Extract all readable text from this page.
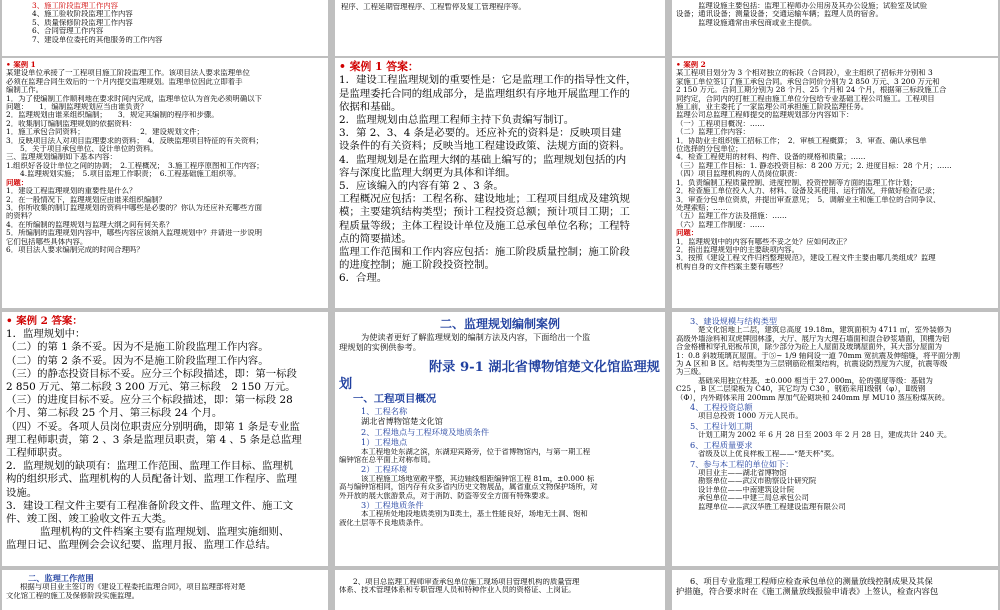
3、施工阶段监理工作内容
4、施工验收阶段监理工作内容
5、质量保修阶段监理工作内容
6、合同管理工作内容
7、建设单位委托的其他服务的工作内容
程序、工程延期管理程序、工程暂停及复工管理程序等。	监理设施主要包括：监理工程师办公用房及其办公设施；试验室及试验
设备；通讯设备；测量设备；交通运输车辆；监理人员的宿舍。
监理设施通常由承包商或业主提供。
• 案例 1
某建设单位承接了一工程项目施工阶段监理工作。该项目法人要求监理单位
必须在监理合同生效后的一个月内提交监理规划。监理单位因此立即着手
编制工作。
1．为了使编制工作顺利地在要求时间内完成，监理单位认为首先必须明确以下
问题：　　 1．编制监理规划应当由谁负责？
2．监理规划由谁来组织编制；　　 3．规定其编制的程序和步骤。
2．收集制订编制监理规划的依据资料：
1．施工承包合同资料；　　　　　　　　	2．建设规划文件；
3．反映项目法人对项目监理要求的资料；　 4．反映监理项目特征的有关资料；
5．关于项目承包单位、设计单位的资料。
三、监理规划编制如下基本内容：
1.组织好各设计单位之间的协调；　 2.工程概况；　 3.施工程序原图和工作内容；
4.监理规划实施；　 5.项目监理工作职责；　 6.工程基础施工组织等。
问题：
1．建设工程监理规划的重要性是什么？
2．在一般情况下，监理规划应由谁来组织编制？
3．你所收集的制订监理规划的资料中哪些是必要的？你认为还应补充哪些方面
的资料？
4．在所编制的监理规划与监理大纲之间有何关系？
5．所编制的监理规划内容中，哪些内容应该纳入监理规划中？并请进一步说明
它们包括哪些具体内容。
6．项目法人要求编制完成的时间合理吗？
• 案例 1 答案：
1．建设工程监理规划的重要性是：它是监理工作的指导性文件，
是监理委托合同的组成部分，是监理组织有序地开展监理工作的
依据和基础。
2．监理规划由总监理工程师主持下负责编写制订。
3．第 2、3、4 条是必要的。还应补充的资料是：反映项目建
设条件的有关资料；反映当地工程建设政策、法规方面的资料。
4．监理规划是在监理大纲的基础上编写的；监理规划包括的内
容与深度比监理大纲更为具体和详细。
5．应该编入的内容有第 2 、3 条。
工程概况应包括：工程名称、建设地址；工程项目组成及建筑规
模；主要建筑结构类型；预计工程投资总额；预计项目工期；工
程质量等级；主体工程设计单位及施工总承包单位名称；工程特
点的简要描述。
监理工作范围和工作内容应包括：施工阶段质量控制；施工阶段
的进度控制；施工阶段投资控制。
6．合理。
• 案例 2
某工程项目划分为 3 个相对独立的标段（合同段），业主组织了招标并分别和 3
家施工单位签订了施工承包合同。承包合同价分别为 2 850 万元、3 200 万元和
2 150 万元。合同工期分别为 28 个月、25 个月和 24 个月，根据第三标段施工合
同约定，合同内的打桩工程由施工单位分包给专业基础工程公司施工。工程项目
施工前，业主委托了一家监理公司承担施工阶段监理任务。
监理公司总监理工程师提交的监理规划部分内容如下：
（一）工程项目概况：……
（二）监理工作内容：
1．协助业主组织施工招标工作；　 2．审核工程概算；　 3．审查、确认承包单
位选择的分包单位；
4．检查工程使用的材料、构件、设备的规格和质量；……
（三）监理工作目标：1. 静态投资目标：8 200 万元；2. 进度目标：28 个月；……
（四）项目监理机构的人员岗位职责：
1．负责编制工程质量控制、进度控制、投资控制等方面的监理工作计划；
2．检查施工单位投入人力、材料、设备及其使用、运行情况，并做好检查记录；
3．审查分包单位资质，并提出审查意见；　 5．调解业主和施工单位的合同争议、
处理索赔；……
（五）监理工作方法及措施：……
（六）监理工作制度：……
问题：
1．监理规划中的内容有哪些不妥之处？应如何改正？
2．指出监理规划中的主要缺项内容。
3．按照《建设工程文件归档整理规范》，建设工程文件主要由哪几类组成？监理
机构自身的文件档案主要有哪些？
• 案例 2 答案：
1．监理规划中：
（二）的第 1 条不妥。因为不是施工阶段监理工作内容。
（二）的第 2 条不妥。因为不是施工阶段监理工作内容。
（三）的静态投资目标不妥。应分三个标段描述，即：第一标段
2 850 万元、第二标段 3 200 万元、第三标段　2 150 万元。
（三）的进度目标不妥。应分三个标段描述，即：第一标段 28
个月、第二标段 25 个月、第三标段 24 个月。
（四）不妥。各项人员岗位职责应分别明确，即第 1 条是专业监
理工程师职责，第 2 、3 条是监理员职责，第 4 、5 条是总监理
工程师职责。
2．监理规划的缺项有：监理工作范围、监理工作目标、监理机
构的组织形式、监理机构的人员配备计划、监理工作程序、监理
设施。
3．建设工程文件主要有工程准备阶段文件、监理文件、施工文
件、竣工图、竣工验收文件五大类。
监理机构的文件档案主要有监理规划、监理实施细则、
监理日记、监理例会会议纪要、监理月报、监理工作总结。
二、监理规划编制案例
为使读者更好了解监理规划的编制方法及内容，下面给出一个监
理规划的实例供参考。
附录 9-1 湖北省博物馆楚文化馆监理规
划
一、工程项目概况
1、工程名称
湖北省博物馆楚文化馆
2、工程地点与工程环境及地质条件
1）工程地点
本工程地处东湖之滨，东湖迎宾路旁，位于省博物馆内，与第一期工程
编钟馆在总平面上对称布局。
2）工程环境
该工程施工场地宽敞平整，其边轴线相距编钟馆工程 81m，±0.000 标
高与编钟馆相同，馆内存有众多省内历史文物展品，属省重点文物保护场所，对
外开放的展大旅游景点，对于消防、防盗等安全方面有特殊要求。
3）工程地质条件
本工程所处地段地质类别为Ⅱ类土，基土性能良好，场地无土洞、饱和
液化土层等不良地质条件。
3、建设规模与结构类型
楚文化馆地上二层，建筑总高度 19.18m，建筑面积为 4711 ㎡，室外装修为
高级外墙涂料和双虎牌园林漆，大厅、展厅为大理石墙面和混合砂浆墙面，顶棚为铝
合金格栅和穿孔铝板吊顶，除少部分为砼上人屋面及玻璃屋面外，其大部分屋面为
1：0.8 斜坡琉璃瓦屋面。于⑤~ 1/9 轴间设一道 70mm 宽抗震及伸缩缝，将平面分割
为 A 区和 B 区。结构类型为三层钢筋砼框架结构，抗震设防烈度为六度，抗震等级
为三级。
基础采用独立柱基，±0.000 相当于 27.000m，砼的强度等级：基础为
C25 ，B 区二层梁板为 C40，其它均为 C30 ，钢筋采用Ⅰ级钢（φ），Ⅱ级钢
（Φ），内外砌体采用 200mm 厚加气砼砌块和 240mm 厚 MU10 蒸压粉煤灰砖。
4、工程投资总额
项目总投资 1000 万元人民币。
5、工程计划工期
计划工期为 2002 年 6 月 28 日至 2003 年 2 月 28 日，建成共计 240 天。
6、工程质量要求
省级及以上优良样板工程——“楚天杯”奖。
7、参与本工程的单位如下：
项目业主——湖北省博物馆
勘察单位——武汉市勘察设计研究院
设计单位——中南建筑设计院
承包单位——中建三局总承包公司
监理单位——武汉华胜工程建设监理有限公司
二、监理工作范围
根据与项目业主签订的《建设工程委托监理合同》，项目监理部将对楚
文化馆工程的施工及保修阶段实施监理。
2、项目总监理工程师审查承包单位施工现场项目管理机构的质量管理
体系、技术管理体系和专职管理人员和特种作业人员的资格证、上岗证。
6、项目专业监理工程师应检查承包单位的测量放线控制成果及其保
护措施，符合要求时在《施工测量放线报验申请表》上签认，检查内容包
